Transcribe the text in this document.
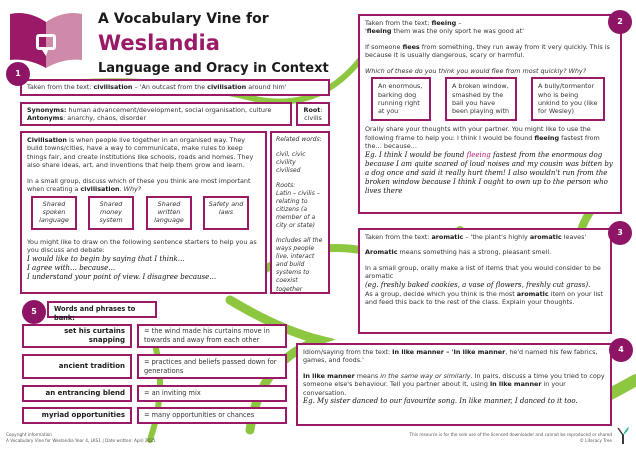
A Vocabulary Vine for
Weslandia
Language and Oracy in Context
1
Taken from the text: civilisation – 'An outcast from the civilisation around him'
Synonyms: human advancement/development, social organisation, culture
Antonyms: anarchy, chaos, disorder
Root:
civilis

Civilisation is when people live together in an organised way. They build towns/cities, have a way to communicate, make rules to keep things fair, and create institutions like schools, roads and homes. They also share ideas, art, and inventions that help them grow and learn.

In a small group, discuss which of these you think are most important when creating a civilisation. Why?

Shared spoken language
Shared money system
Shared written language
Safety and laws
You might like to draw on the following sentence starters to help you as you discuss and debate:
I would like to begin by saying that I think…
I agree with… because…
I understand your point of view. I disagree because…
Related words:
civil, civic
civility
civilised
Roots:
Latin – civilis – relating to citizens (a member of a city or state)
Includes all the ways people live, interact and build systems to coexist together
Taken from the text: fleeing –
'fleeing them was the only sport he was good at'

If someone flees from something, they run away from it very quickly. This is because it is usually dangerous, scary or harmful.

Which of these do you think you would flee from most quickly? Why?

An enormous, barking dog running right at you
A broken window, smashed by the ball you have been playing with
A bully/tormentor who is being unkind to you (like for Wesley)
Orally share your thoughts with your partner. You might like to use the following frame to help you: I think I would be found fleeing fastest from the… because…
Eg. I think I would be found fleeing fastest from the enormous dog because I am quite scared of loud noises and my cousin was bitten by a dog once and said it really hurt them! I also wouldn't run from the broken window because I think I ought to own up to the person who lives there
2
Taken from the text: aromatic – 'the plant's highly aromatic leaves'

Aromatic means something has a strong, pleasant smell.

In a small group, orally make a list of items that you would consider to be aromatic

(eg. freshly baked cookies, a vase of flowers, freshly cut grass).

As a group, decide which you think is the most aromatic item on your list and feed this back to the rest of the class. Explain your thoughts.

3
Idiom/saying from the text: In like manner – 'In like manner, he'd named his few fabrics, games, and foods.'

In like manner means in the same way or similarly. In pairs, discuss a time you tried to copy someone else's behaviour. Tell you partner about it, using in like manner in your conversation.

Eg. My sister danced to our favourite song. In like manner, I danced to it too.
4
5	Words and phrases to bank:
set his curtains snapping
= the wind made his curtains move in towards and away from each other
ancient tradition	= practices and beliefs passed down for generations
an entrancing blend	= an inviting mix
myriad opportunities	= many opportunities or chances
Copyright information
A Vocabulary Vine for Weslandia Year 4, LKS1 | Date written: April 2025
This resource is for the sole use of the licensed downloader and cannot be reproduced or shared
© Literacy Tree
